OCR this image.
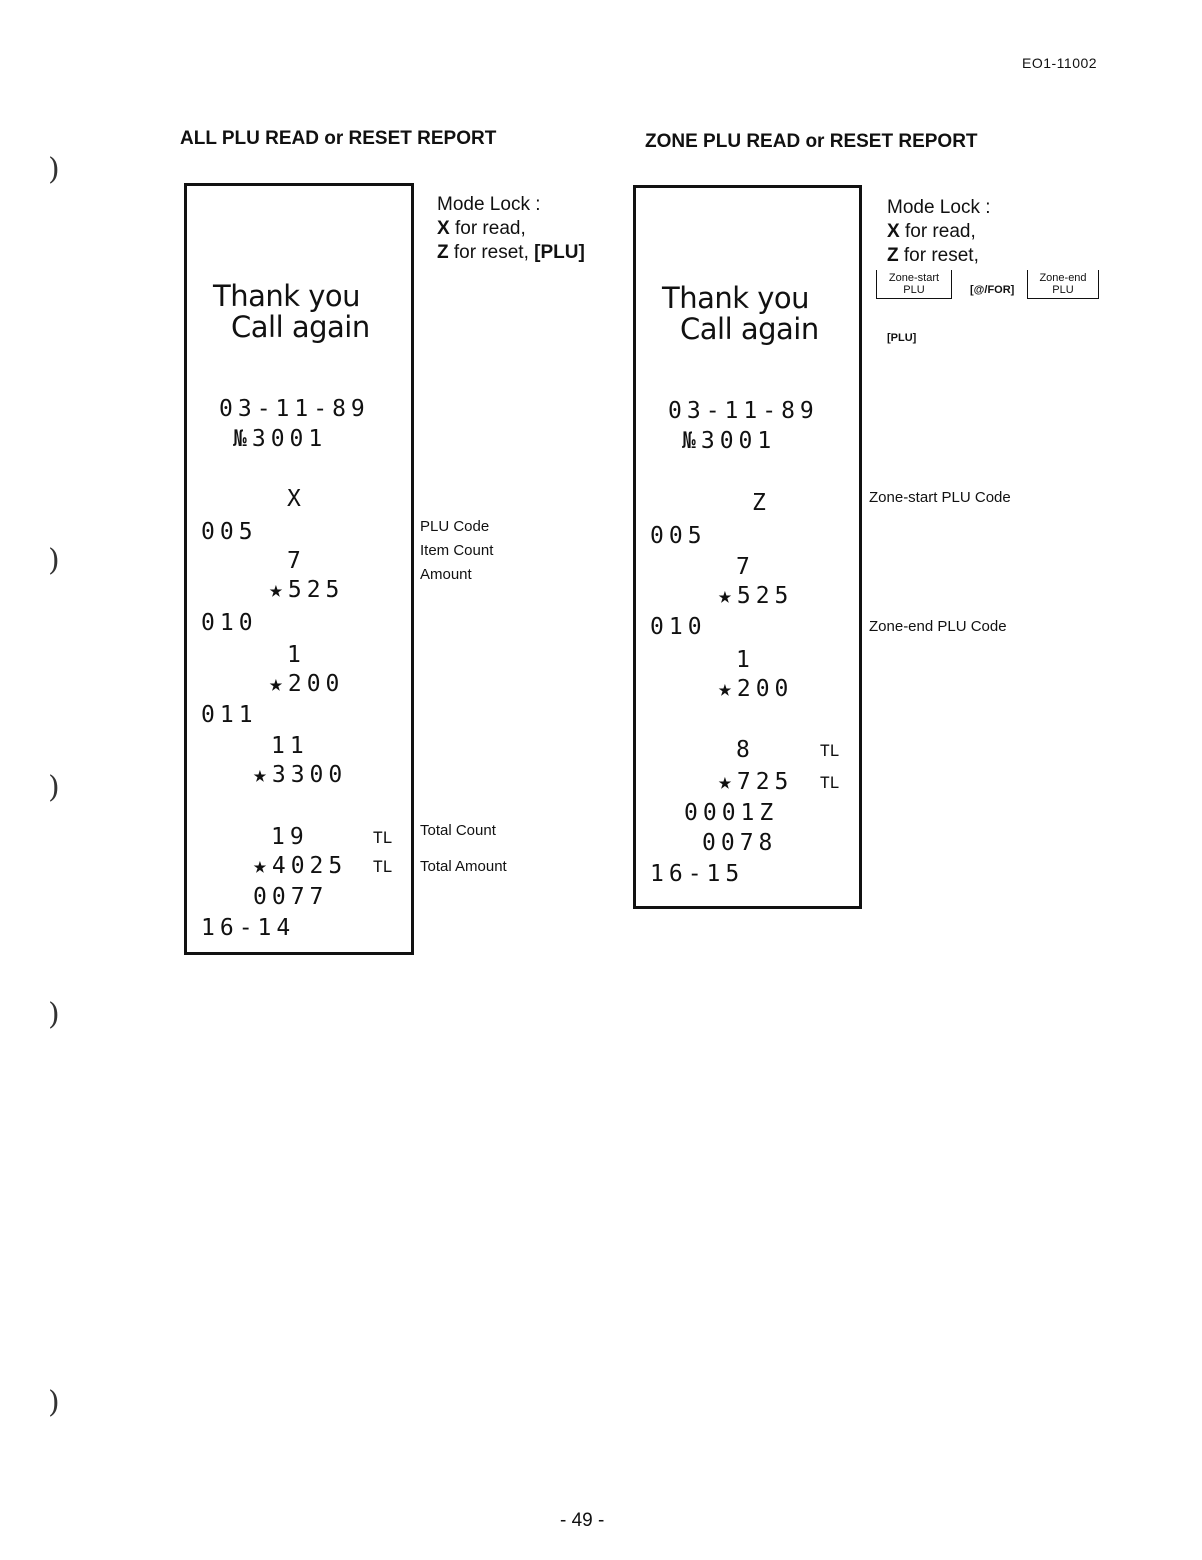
EO1-11002
)
)
)
)
)
ALL PLU READ or RESET REPORT
Thank you
Call again
03-11-89
№3001
X
005
7
★525
010
1
★200
011
11
★3300
19	TL
★4025 TL
0077
16-14
Mode Lock :
X for read,
Z for reset, [PLU]
PLU Code
Item Count
Amount
Total Count
Total Amount
ZONE PLU READ or RESET REPORT
Thank you
Call again
03-11-89
№3001
Z
005
7
★525
010
1
★200
8	TL
★725 TL
0001Z
0078
16-15
Mode Lock :
X for read,
Z for reset,
Zone-start
PLU	[@/FOR]
Zone-end
PLU
[PLU]
Zone-start PLU Code
Zone-end PLU Code
- 49 -
